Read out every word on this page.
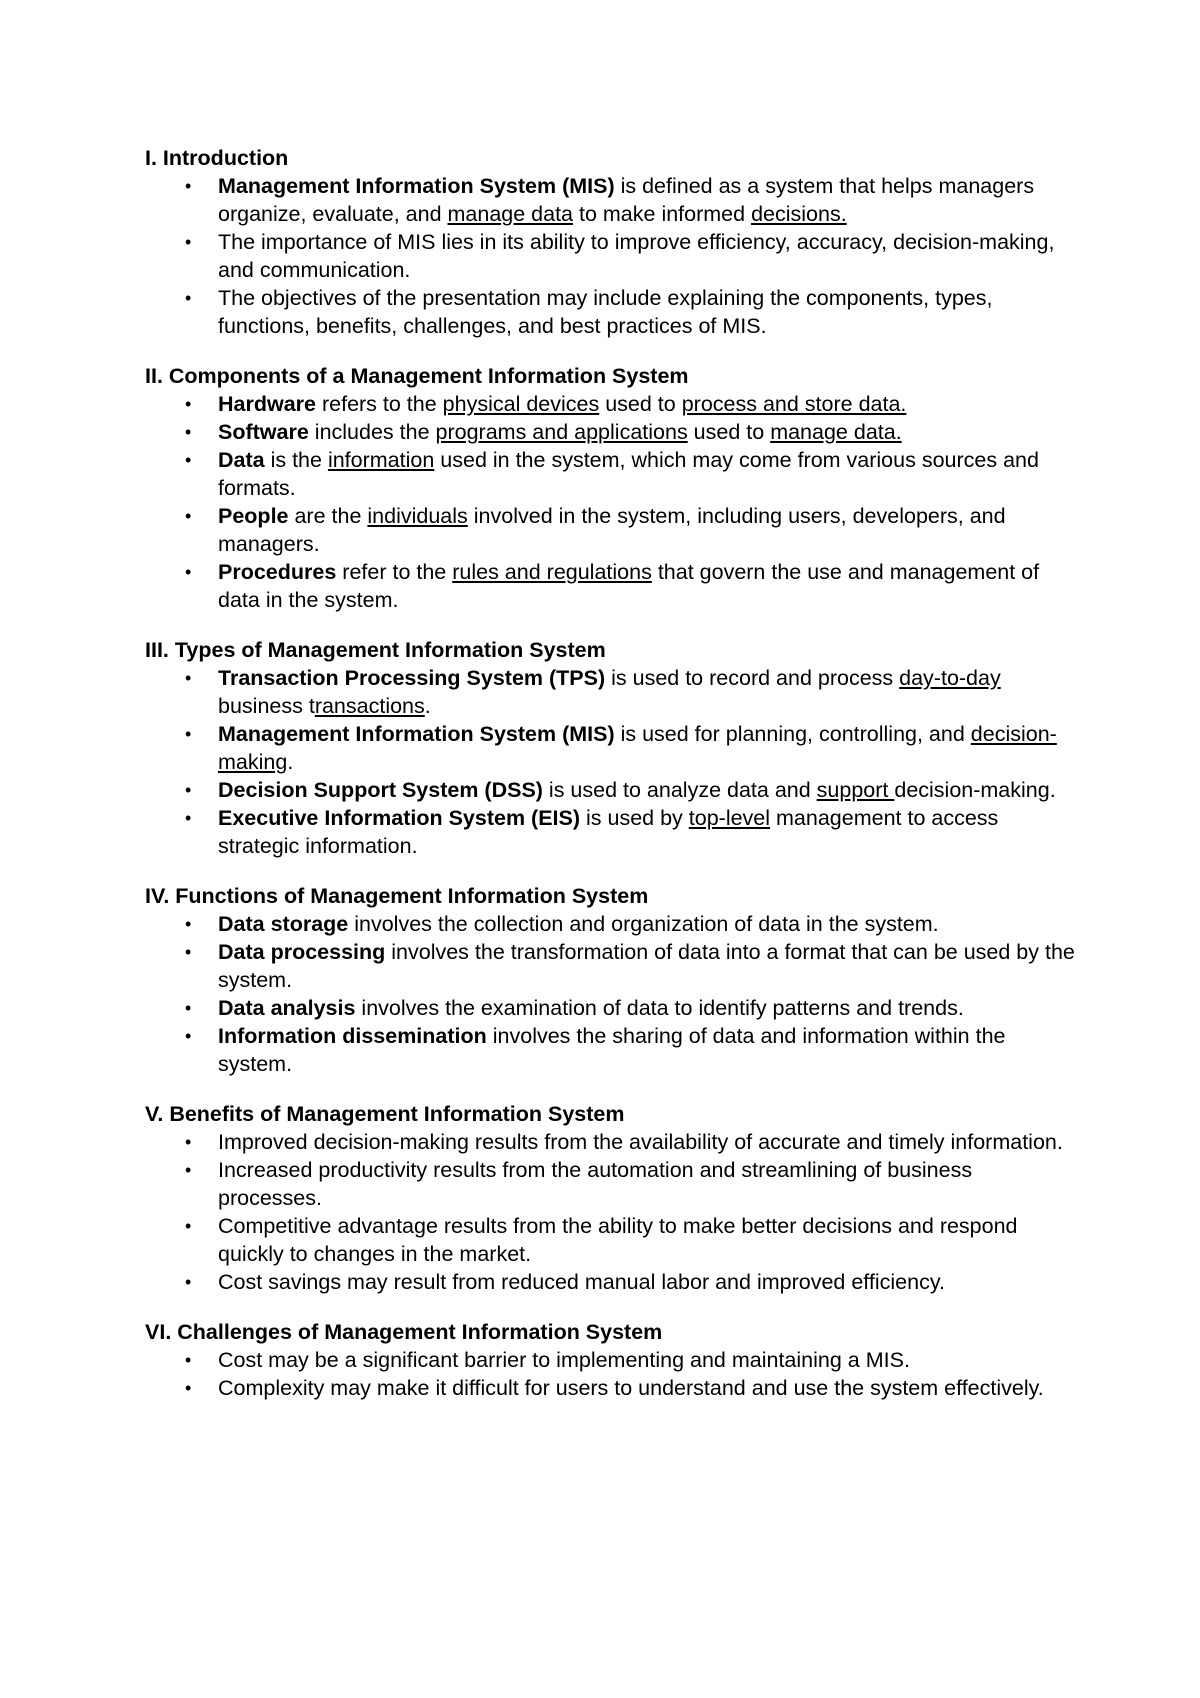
I. Introduction
• Management Information System (MIS) is defined as a system that helps managers organize, evaluate, and manage data to make informed decisions.
• The importance of MIS lies in its ability to improve efficiency, accuracy, decision-making, and communication.
• The objectives of the presentation may include explaining the components, types, functions, benefits, challenges, and best practices of MIS.
II. Components of a Management Information System
• Hardware refers to the physical devices used to process and store data.
• Software includes the programs and applications used to manage data.
• Data is the information used in the system, which may come from various sources and formats.
• People are the individuals involved in the system, including users, developers, and managers.
• Procedures refer to the rules and regulations that govern the use and management of data in the system.
III. Types of Management Information System
• Transaction Processing System (TPS) is used to record and process day-to-day business transactions.
• Management Information System (MIS) is used for planning, controlling, and decision-making.
• Decision Support System (DSS) is used to analyze data and support decision-making.
• Executive Information System (EIS) is used by top-level management to access strategic information.
IV. Functions of Management Information System
• Data storage involves the collection and organization of data in the system.
• Data processing involves the transformation of data into a format that can be used by the system.
• Data analysis involves the examination of data to identify patterns and trends.
• Information dissemination involves the sharing of data and information within the system.
V. Benefits of Management Information System
• Improved decision-making results from the availability of accurate and timely information.
• Increased productivity results from the automation and streamlining of business processes.
• Competitive advantage results from the ability to make better decisions and respond quickly to changes in the market.
• Cost savings may result from reduced manual labor and improved efficiency.
VI. Challenges of Management Information System
• Cost may be a significant barrier to implementing and maintaining a MIS.
• Complexity may make it difficult for users to understand and use the system effectively.
